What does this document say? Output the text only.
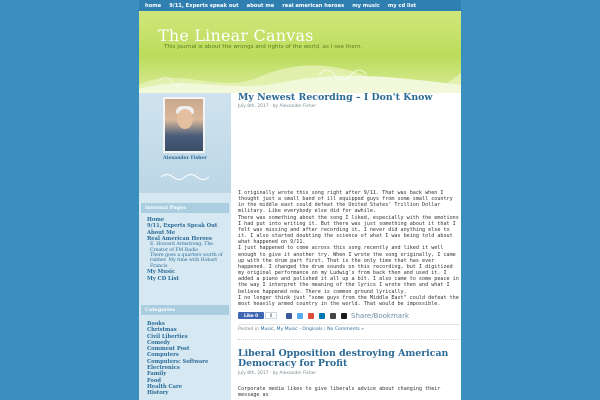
home 9/11, Experts speak out about me real american heroes my music my cd list
The Linear Canvas
This journal is about the wrongs and rights of the world, as I see them.
Alexander Fisher
Internal Pages
Home
9/11, Experts Speak Out
About Me
Real American Heroes
E. Howard Armstrong: The Creator of FM Radio
There goes a quarters worth of rubber. My time with Hobart Francis
My Music
My CD List
Categories
Books
Christmas
Civil Liberties
Comedy
Comment Post
Computers
Computers: Software
Electronics
Family
Food
Health Care
History
My Newest Recording – I Don't Know
July 8th, 2017 · by Alexander Fisher
I originally wrote this song right after 9/11. That was back when I thought just a small band of ill equipped guys from some small country in the middle east could defeat the United States' Trillion Dollar military. Like everybody else did for awhile.
There was something about the song I liked, especially with the emotions I had put into writing it. But there was just something about it that I felt was missing and after recording it, I never did anything else to it. I also started doubting the science of what I was being told about what happened on 9/11.
I just happened to come across this song recently and liked it well enough to give it another try. When I wrote the song originally, I came up with the drum part first. That is the only time that has ever happened. I changed the drum sounds on this recording, but I digitized my original performance on my Ludwig's from back then and used it. I added a piano and polished it all up a bit. I also came to some peace in the way I interpret the meaning of the lyrics I wrote then and what I believe happened now. There is common ground lyrically.
I no longer think just "some guys from the Middle East" could defeat the most heavily armed country in the world. That would be impossible.
Like 0	0	Share/Bookmark
Posted in Music, My Music - Originals | No Comments »
Liberal Opposition destroying American Democracy for Profit
July 8th, 2017 · by Alexander Fisher
Corporate media likes to give liberals advice about changing their message as
